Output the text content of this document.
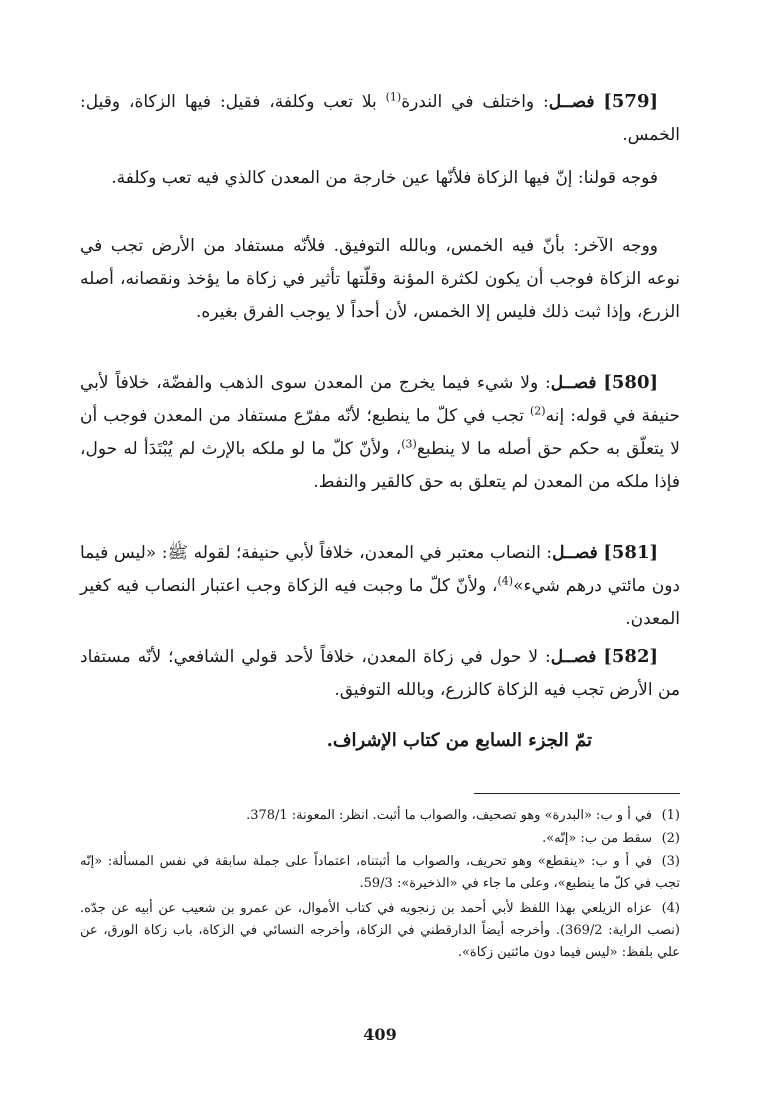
[579] فصــل: واختلف في الندرة$^{(1)}$ بلا تعب وكلفة، فقيل: فيها الزكاة، وقيل: الخمس.

فوجه قولنا: إنّ فيها الزكاة فلأنّها عين خارجة من المعدن كالذي فيه تعب وكلفة.

ووجه الآخر: بأنّ فيه الخمس، وبالله التوفيق. فلأنّه مستفاد من الأرض تجب في نوعه الزكاة فوجب أن يكون لكثرة المؤنة وقلّتها تأثير في زكاة ما يؤخذ ونقصانه، أصله الزرع، وإذا ثبت ذلك فليس إلا الخمس، لأن أحداً لا يوجب الفرق بغيره.

[580] فصــل: ولا شيء فيما يخرج من المعدن سوى الذهب والفضّة، خلافاً لأبي حنيفة في قوله: إنه$^{(2)}$ تجب في كلّ ما ينطبع؛ لأنّه مفرّع مستفاد من المعدن فوجب أن لا يتعلّق به حكم حق أصله ما لا ينطبع$^{(3)}$، ولأنّ كلّ ما لو ملكه بالإرث لم يُبْتَدَأ له حول، فإذا ملكه من المعدن لم يتعلق به حق كالقير والنفط.

[581] فصــل: النصاب معتبر في المعدن، خلافاً لأبي حنيفة؛ لقوله ﷺ: «ليس فيما دون مائتي درهم شيء»$^{(4)}$، ولأنّ كلّ ما وجبت فيه الزكاة وجب اعتبار النصاب فيه كغير المعدن.

[582] فصــل: لا حول في زكاة المعدن، خلافاً لأحد قولي الشافعي؛ لأنّه مستفاد من الأرض تجب فيه الزكاة كالزرع، وبالله التوفيق.

تمّ الجزء السابع من كتاب الإشراف.
(1)في أ و ب: «البدرة» وهو تصحيف، والصواب ما أثبت. انظر: المعونة: 378/1.
(2)سقط من ب: «إنّه».
(3)في أ و ب: «ينقطع» وهو تحريف، والصواب ما أثبتناه، اعتماداً على جملة سابقة في نفس المسألة: «إنّه تجب في كلّ ما ينطبع»، وعلى ما جاء في «الذخيرة»: 59/3.
(4)عزاه الزيلعي بهذا اللفظ لأبي أحمد بن زنجويه في كتاب الأموال، عن عمرو بن شعيب عن أبيه عن جدّه. (نصب الراية: 369/2). وأخرجه أيضاً الدارقطني في الزكاة، وأخرجه النسائي في الزكاة، باب زكاة الورق، عن علي بلفظ: «ليس فيما دون مائتين زكاة».
409
